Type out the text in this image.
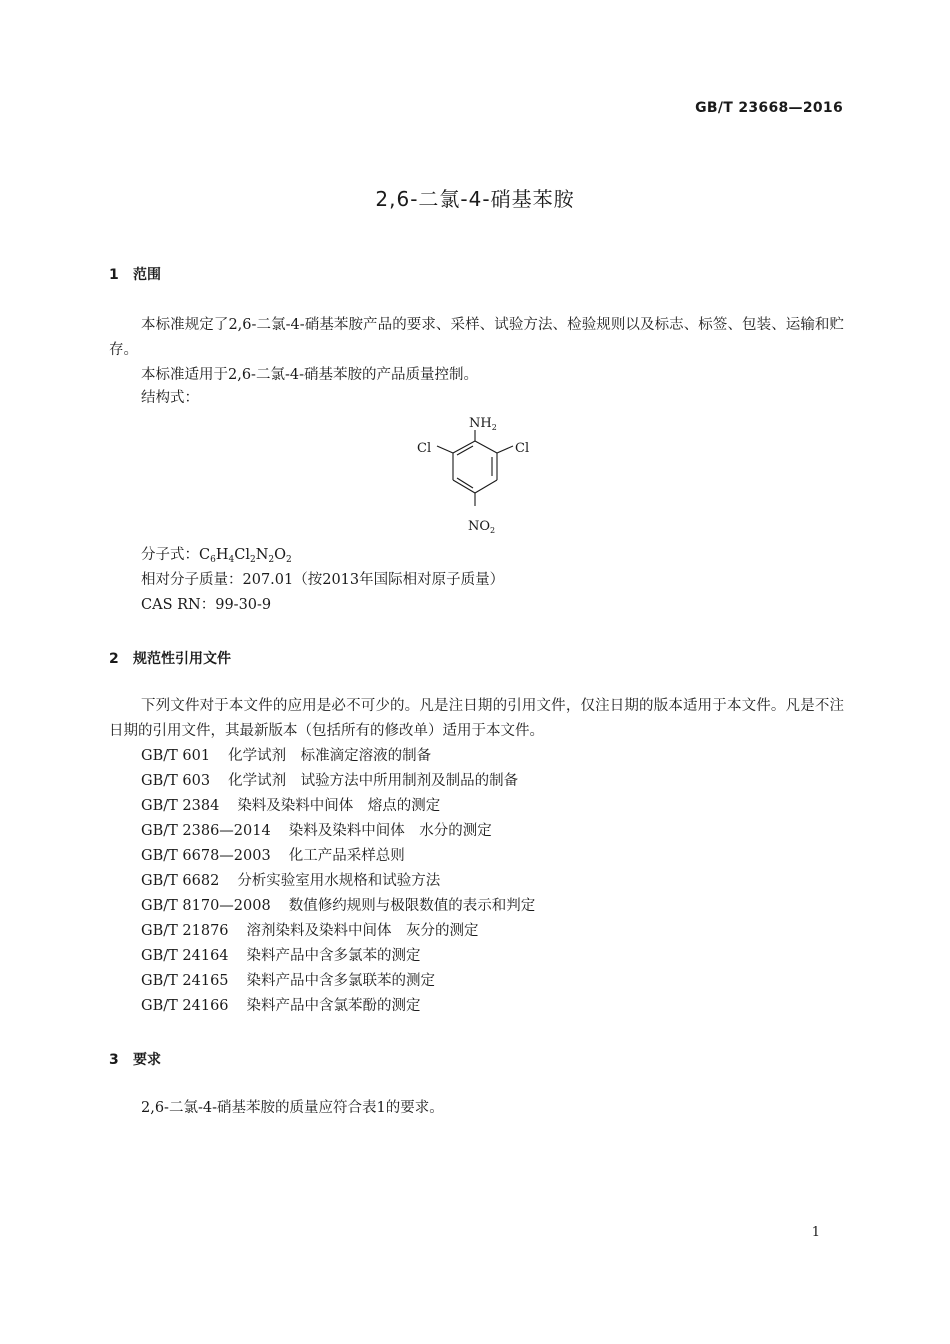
GB/T 23668—2016
2,6-二氯-4-硝基苯胺
1 范围
本标准规定了2,6-二氯-4-硝基苯胺产品的要求、采样、试验方法、检验规则以及标志、标签、包装、运输和贮存。
本标准适用于2,6-二氯-4-硝基苯胺的产品质量控制。
结构式：
$NH_2$
Cl	Cl
$NO_2$
分子式：$C_6H_4Cl_2N_2O_2$
相对分子质量：207.01（按2013年国际相对原子质量）
CAS RN：99-30-9
2 规范性引用文件
下列文件对于本文件的应用是必不可少的。凡是注日期的引用文件，仅注日期的版本适用于本文件。凡是不注日期的引用文件，其最新版本（包括所有的修改单）适用于本文件。
GB/T 601 化学试剂　标准滴定溶液的制备
GB/T 603 化学试剂　试验方法中所用制剂及制品的制备
GB/T 2384 染料及染料中间体　熔点的测定
GB/T 2386—2014 染料及染料中间体　水分的测定
GB/T 6678—2003 化工产品采样总则
GB/T 6682 分析实验室用水规格和试验方法
GB/T 8170—2008 数值修约规则与极限数值的表示和判定
GB/T 21876 溶剂染料及染料中间体　灰分的测定
GB/T 24164 染料产品中含多氯苯的测定
GB/T 24165 染料产品中含多氯联苯的测定
GB/T 24166 染料产品中含氯苯酚的测定
3 要求
2,6-二氯-4-硝基苯胺的质量应符合表1的要求。
1
